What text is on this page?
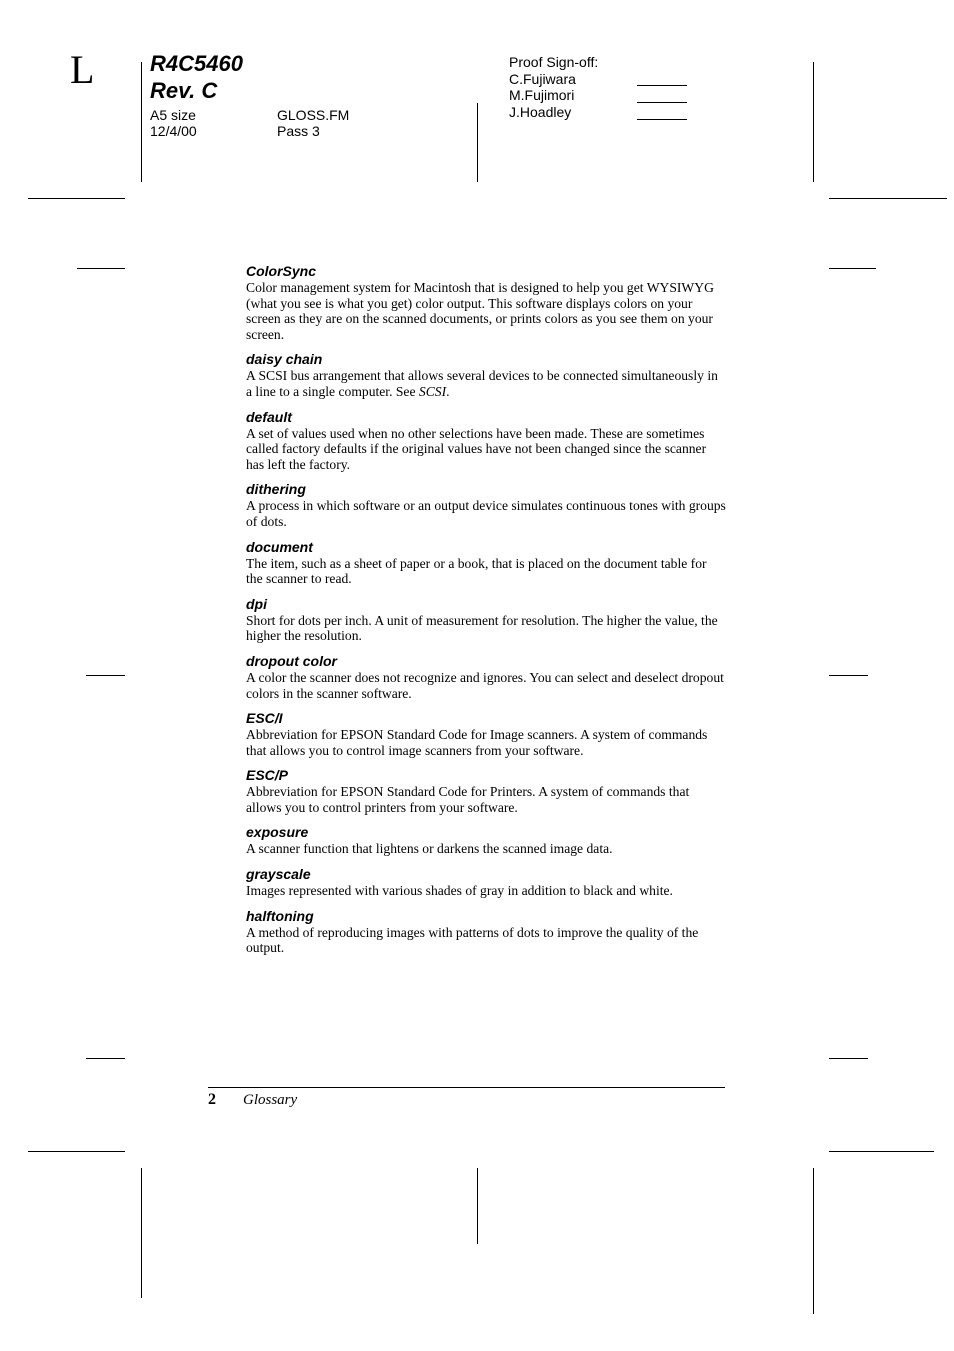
L	R4C5460
Rev. C
A5 size
12/4/00
GLOSS.FM
Pass 3
Proof Sign-off:
C.Fujiwara
M.Fujimori
J.Hoadley
ColorSync
Color management system for Macintosh that is designed to help you get WYSIWYG (what you see is what you get) color output. This software displays colors on your screen as they are on the scanned documents, or prints colors as you see them on your screen.
daisy chain
A SCSI bus arrangement that allows several devices to be connected simultaneously in a line to a single computer. See SCSI.
default
A set of values used when no other selections have been made. These are sometimes called factory defaults if the original values have not been changed since the scanner has left the factory.
dithering
A process in which software or an output device simulates continuous tones with groups of dots.
document
The item, such as a sheet of paper or a book, that is placed on the document table for the scanner to read.
dpi
Short for dots per inch. A unit of measurement for resolution. The higher the value, the higher the resolution.
dropout color
A color the scanner does not recognize and ignores. You can select and deselect dropout colors in the scanner software.
ESC/I
Abbreviation for EPSON Standard Code for Image scanners. A system of commands that allows you to control image scanners from your software.
ESC/P
Abbreviation for EPSON Standard Code for Printers. A system of commands that allows you to control printers from your software.
exposure
A scanner function that lightens or darkens the scanned image data.
grayscale
Images represented with various shades of gray in addition to black and white.
halftoning
A method of reproducing images with patterns of dots to improve the quality of the output.
2 Glossary
